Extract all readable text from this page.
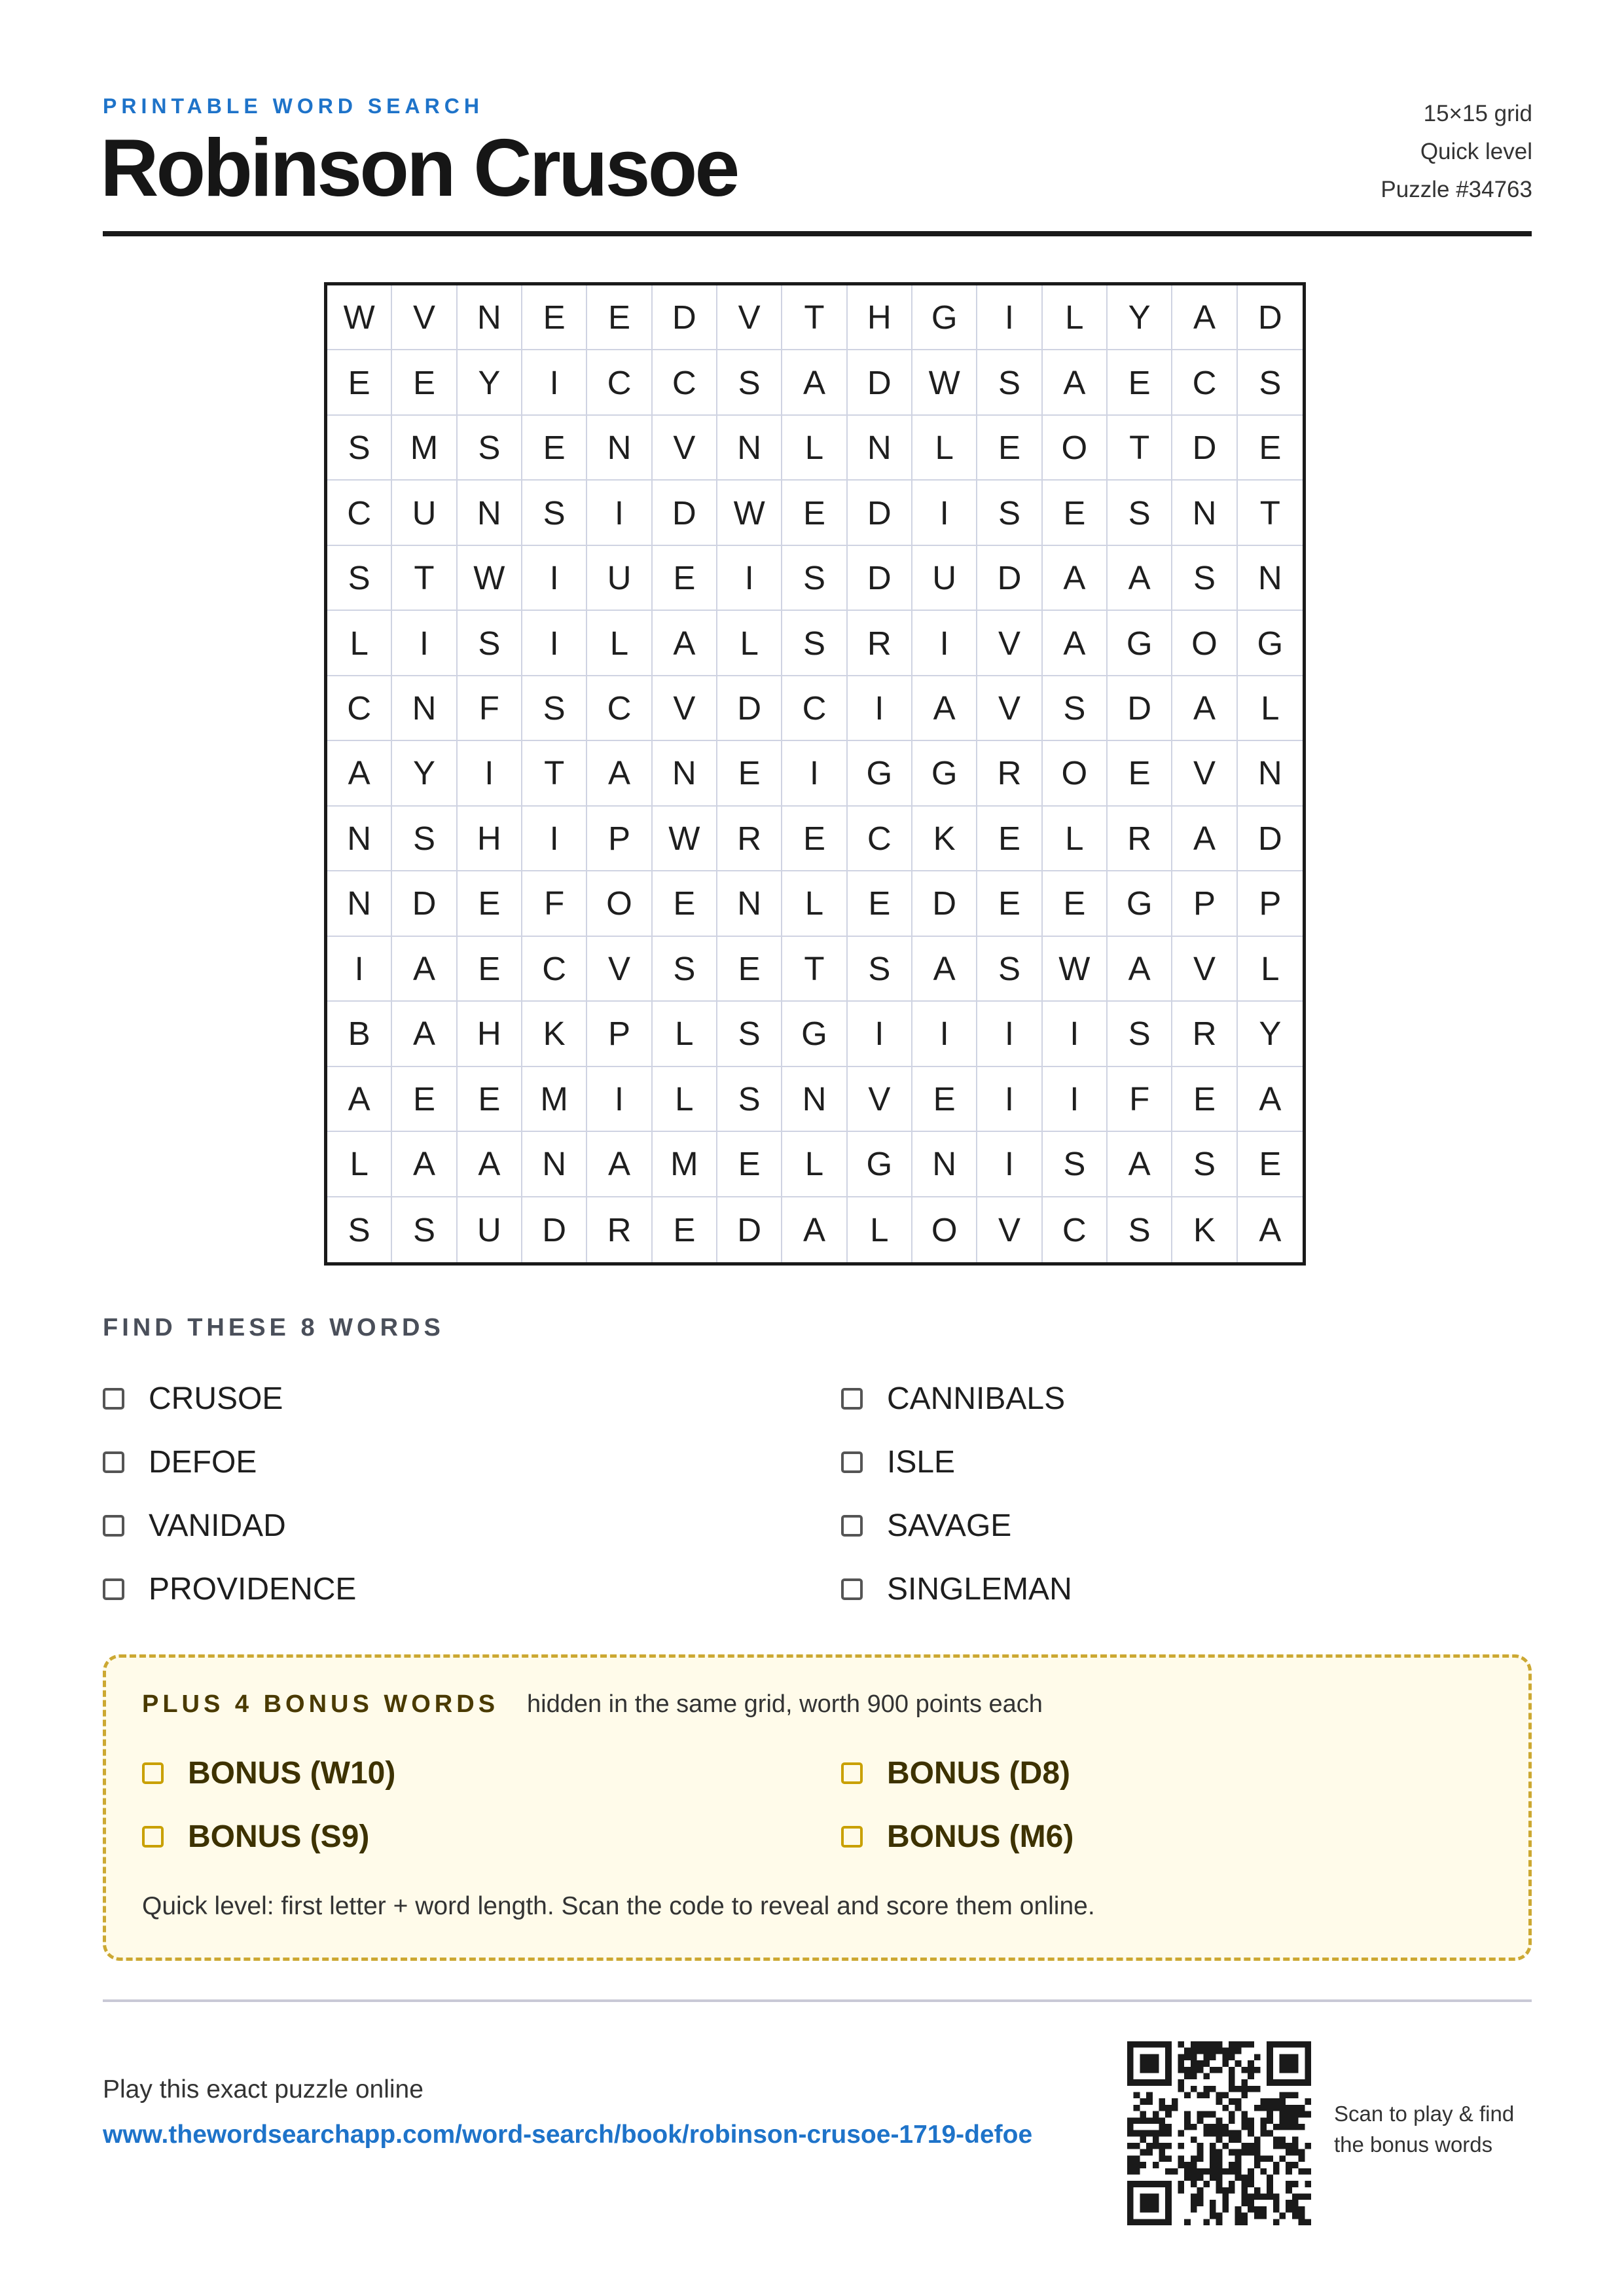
PRINTABLE WORD SEARCH
Robinson Crusoe
15×15 grid
Quick level
Puzzle #34763
W	V	N	E	E	D	V	T	H	G	I	L	Y	A	D
E	E	Y	I	C	C	S	A	D	W	S	A	E	C	S
S	M	S	E	N	V	N	L	N	L	E	O	T	D	E
C	U	N	S	I	D	W	E	D	I	S	E	S	N	T
S	T	W	I	U	E	I	S	D	U	D	A	A	S	N
L	I	S	I	L	A	L	S	R	I	V	A	G	O	G
C	N	F	S	C	V	D	C	I	A	V	S	D	A	L
A	Y	I	T	A	N	E	I	G	G	R	O	E	V	N
N	S	H	I	P	W	R	E	C	K	E	L	R	A	D
N	D	E	F	O	E	N	L	E	D	E	E	G	P	P
I	A	E	C	V	S	E	T	S	A	S	W	A	V	L
B	A	H	K	P	L	S	G	I	I	I	I	S	R	Y
A	E	E	M	I	L	S	N	V	E	I	I	F	E	A
L	A	A	N	A	M	E	L	G	N	I	S	A	S	E
S	S	U	D	R	E	D	A	L	O	V	C	S	K	A
FIND THESE 8 WORDS
CRUSOE	CANNIBALS
DEFOE	ISLE
VANIDAD	SAVAGE
PROVIDENCE	SINGLEMAN
PLUS 4 BONUS WORDS hidden in the same grid, worth 900 points each
BONUS (W10)	BONUS (D8)
BONUS (S9)	BONUS (M6)
Quick level: first letter + word length. Scan the code to reveal and score them online.
Play this exact puzzle online
www.thewordsearchapp.com/word-search/book/robinson-crusoe-1719-defoe
Scan to play & find the bonus words
